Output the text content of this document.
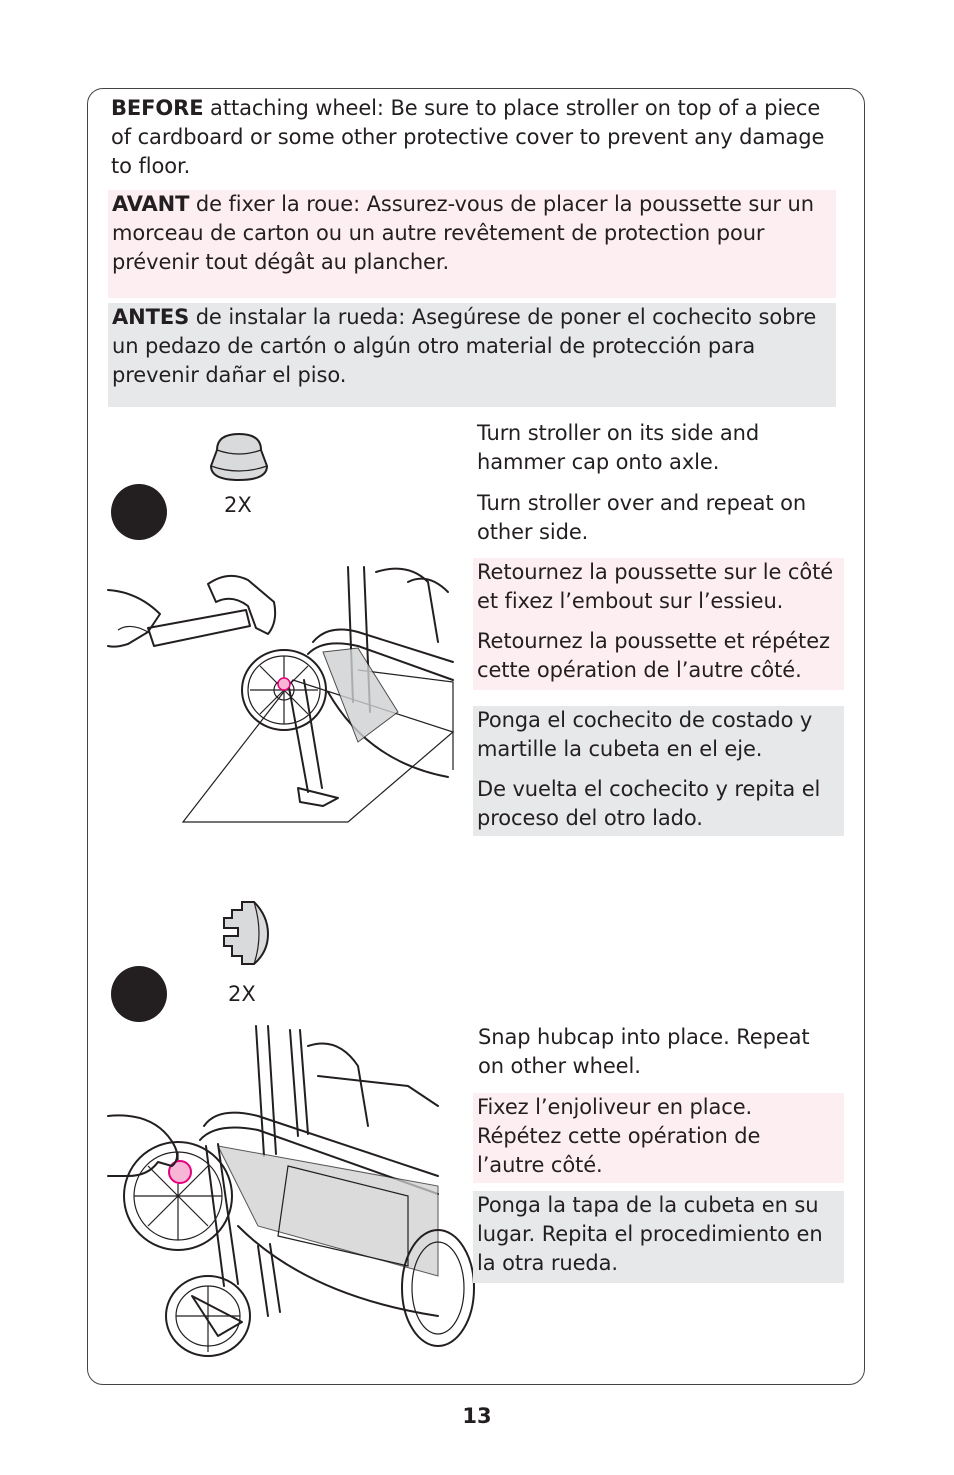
BEFORE attaching wheel: Be sure to place stroller on top of a piece of cardboard or some other protective cover to prevent any damage to floor.
AVANT de fixer la roue: Assurez-vous de placer la poussette sur un morceau de carton ou un autre revêtement de protection pour prévenir tout dégât au plancher.
ANTES de instalar la rueda: Asegúrese de poner el cochecito sobre un pedazo de cartón o algún otro material de protección para prevenir dañar el piso.
2X
Turn stroller on its side and hammer cap onto axle.
Turn stroller over and repeat on other side.
Retournez la poussette sur le côté et fixez l’embout sur l’essieu.
Retournez la poussette et répétez cette opération de l’autre côté.
Ponga el cochecito de costado y martille la cubeta en el eje.
De vuelta el cochecito y repita el proceso del otro lado.
2X
Snap hubcap into place. Repeat on other wheel.
Fixez l’enjoliveur en place. Répétez cette opération de l’autre côté.
Ponga la tapa de la cubeta en su lugar. Repita el procedimiento en la otra rueda.
13
